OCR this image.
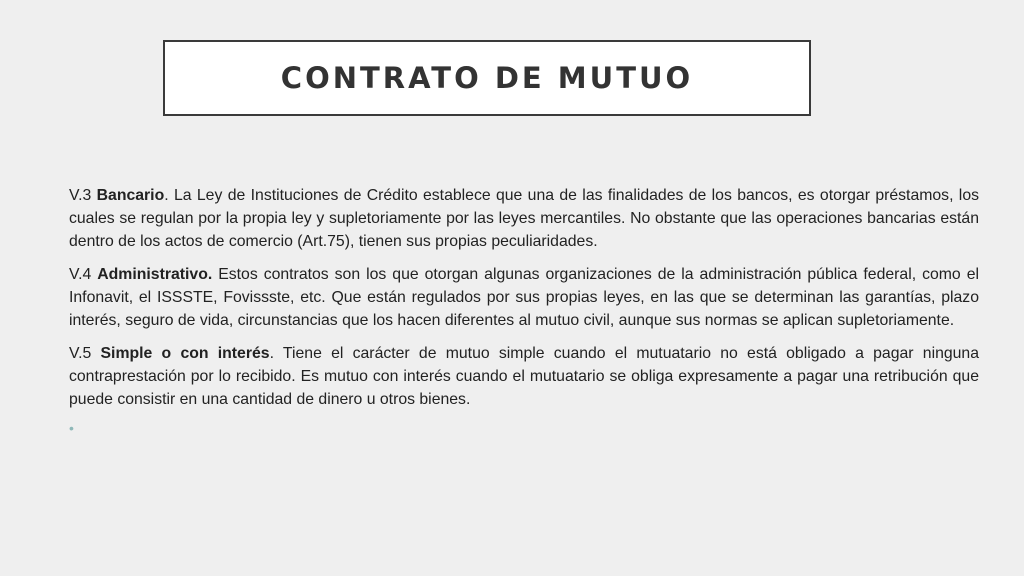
CONTRATO DE MUTUO

V.3 Bancario. La Ley de Instituciones de Crédito establece que una de las finalidades de los bancos, es otorgar préstamos, los cuales se regulan por la propia ley y supletoriamente por las leyes mercantiles. No obstante que las operaciones bancarias están dentro de los actos de comercio (Art.75), tienen sus propias peculiaridades.

V.4 Administrativo. Estos contratos son los que otorgan algunas organizaciones de la administración pública federal, como el Infonavit, el ISSSTE, Fovissste, etc. Que están regulados por sus propias leyes, en las que se determinan las garantías, plazo interés, seguro de vida, circunstancias que los hacen diferentes al mutuo civil, aunque sus normas se aplican supletoriamente.

V.5 Simple o con interés. Tiene el carácter de mutuo simple cuando el mutuatario no está obligado a pagar ninguna contraprestación por lo recibido. Es mutuo con interés cuando el mutuatario se obliga expresamente a pagar una retribución que puede consistir en una cantidad de dinero u otros bienes.

•
